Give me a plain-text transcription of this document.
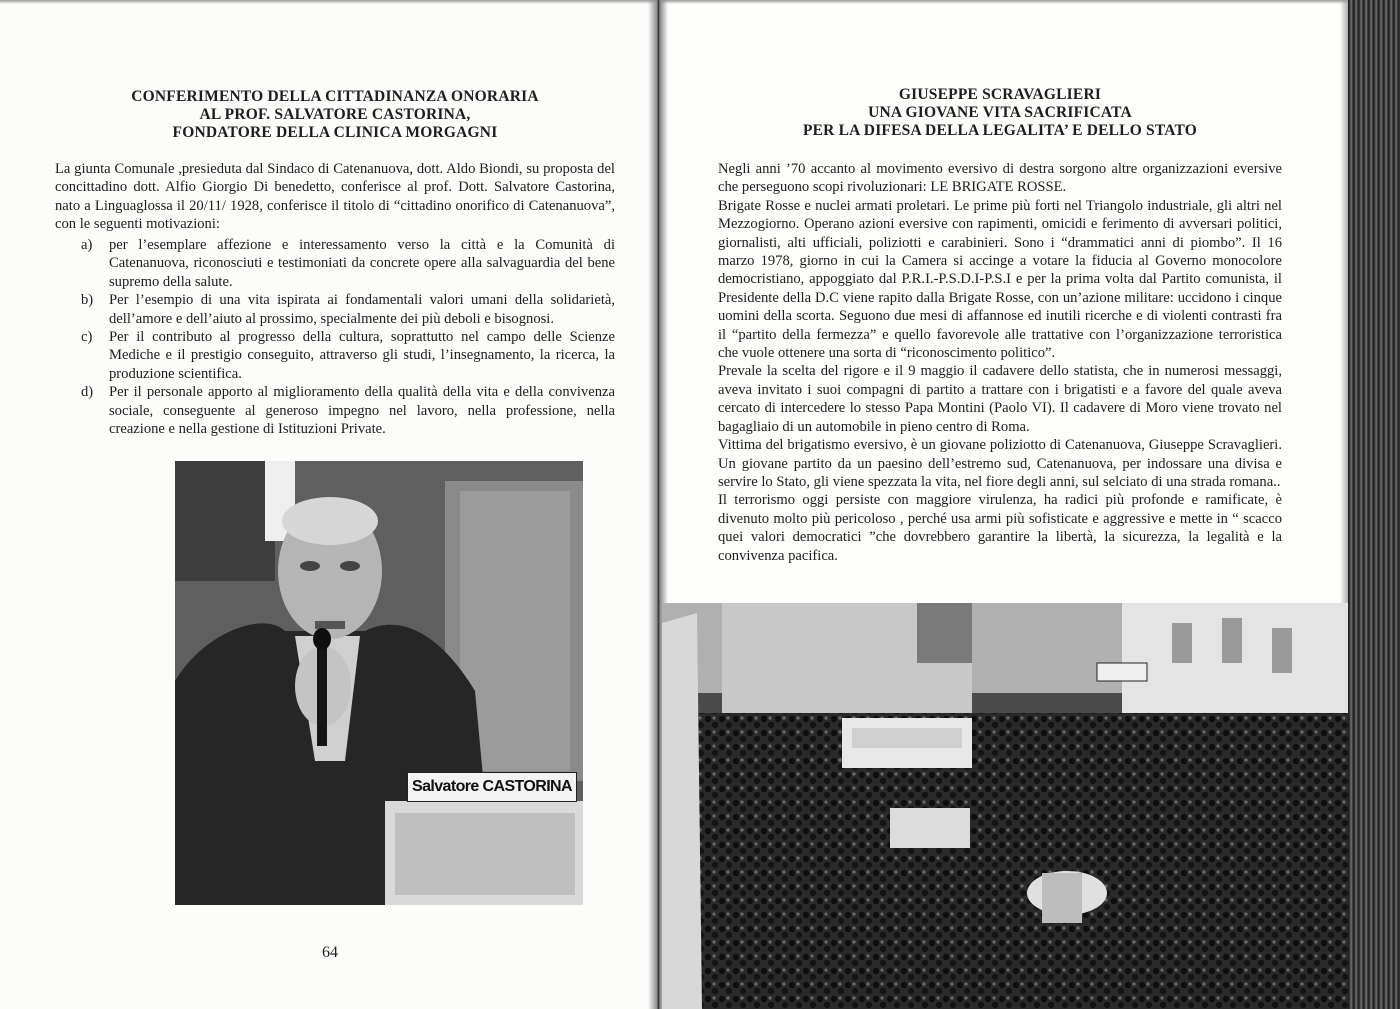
CONFERIMENTO DELLA CITTADINANZA ONORARIA
AL PROF. SALVATORE CASTORINA,
FONDATORE DELLA CLINICA MORGAGNI

La giunta Comunale ,presieduta dal Sindaco di Catenanuova, dott. Aldo Biondi, su proposta del concittadino dott. Alfio Giorgio Di benedetto, conferisce al prof. Dott. Salvatore Castorina, nato a Linguaglossa il 20/11/ 1928, conferisce il titolo di “cittadino onorifico di Catenanuova”, con le seguenti motivazioni:

a) per l’esemplare affezione e interessamento verso la città e la Comunità di Catenanuova, riconosciuti e testimoniati da concrete opere alla salvaguardia del bene supremo della salute.
b) Per l’esempio di una vita ispirata ai fondamentali valori umani della solidarietà, dell’amore e dell’aiuto al prossimo, specialmente dei più deboli e bisognosi.
c) Per il contributo al progresso della cultura, soprattutto nel campo delle Scienze Mediche e il prestigio conseguito, attraverso gli studi, l’insegnamento, la ricerca, la produzione scientifica.
d) Per il personale apporto al miglioramento della qualità della vita e della convivenza sociale, conseguente al generoso impegno nel lavoro, nella professione, nella creazione e nella gestione di Istituzioni Private.
Salvatore CASTORINA
64
GIUSEPPE SCRAVAGLIERI
UNA GIOVANE VITA SACRIFICATA
PER LA DIFESA DELLA LEGALITA’ E DELLO STATO

Negli anni ’70 accanto al movimento eversivo di destra sorgono altre organizzazioni eversive che perseguono scopi rivoluzionari: LE BRIGATE ROSSE.

Brigate Rosse e nuclei armati proletari. Le prime più forti nel Triangolo industriale, gli altri nel Mezzogiorno. Operano azioni eversive con rapimenti, omicidi e ferimento di avversari politici, giornalisti, alti ufficiali, poliziotti e carabinieri. Sono i “drammatici anni di piombo”. Il 16 marzo 1978, giorno in cui la Camera si accinge a votare la fiducia al Governo monocolore democristiano, appoggiato dal P.R.I.-P.S.D.I-P.S.I e per la prima volta dal Partito comunista, il Presidente della D.C viene rapito dalla Brigate Rosse, con un’azione militare: uccidono i cinque uomini della scorta. Seguono due mesi di affannose ed inutili ricerche e di violenti contrasti fra il “partito della fermezza” e quello favorevole alle trattative con l’organizzazione terroristica che vuole ottenere una sorta di “riconoscimento politico”.

Prevale la scelta del rigore e il 9 maggio il cadavere dello statista, che in numerosi messaggi, aveva invitato i suoi compagni di partito a trattare con i brigatisti e a favore del quale aveva cercato di intercedere lo stesso Papa Montini (Paolo VI). Il cadavere di Moro viene trovato nel bagagliaio di un automobile in pieno centro di Roma.

Vittima del brigatismo eversivo, è un giovane poliziotto di Catenanuova, Giuseppe Scravaglieri. Un giovane partito da un paesino dell’estremo sud, Catenanuova, per indossare una divisa e servire lo Stato, gli viene spezzata la vita, nel fiore degli anni, sul selciato di una strada romana..

Il terrorismo oggi persiste con maggiore virulenza, ha radici più profonde e ramificate, è divenuto molto più pericoloso , perché usa armi più sofisticate e aggressive e mette in “ scacco quei valori democratici ”che dovrebbero garantire la libertà, la sicurezza, la legalità e la convivenza pacifica.
